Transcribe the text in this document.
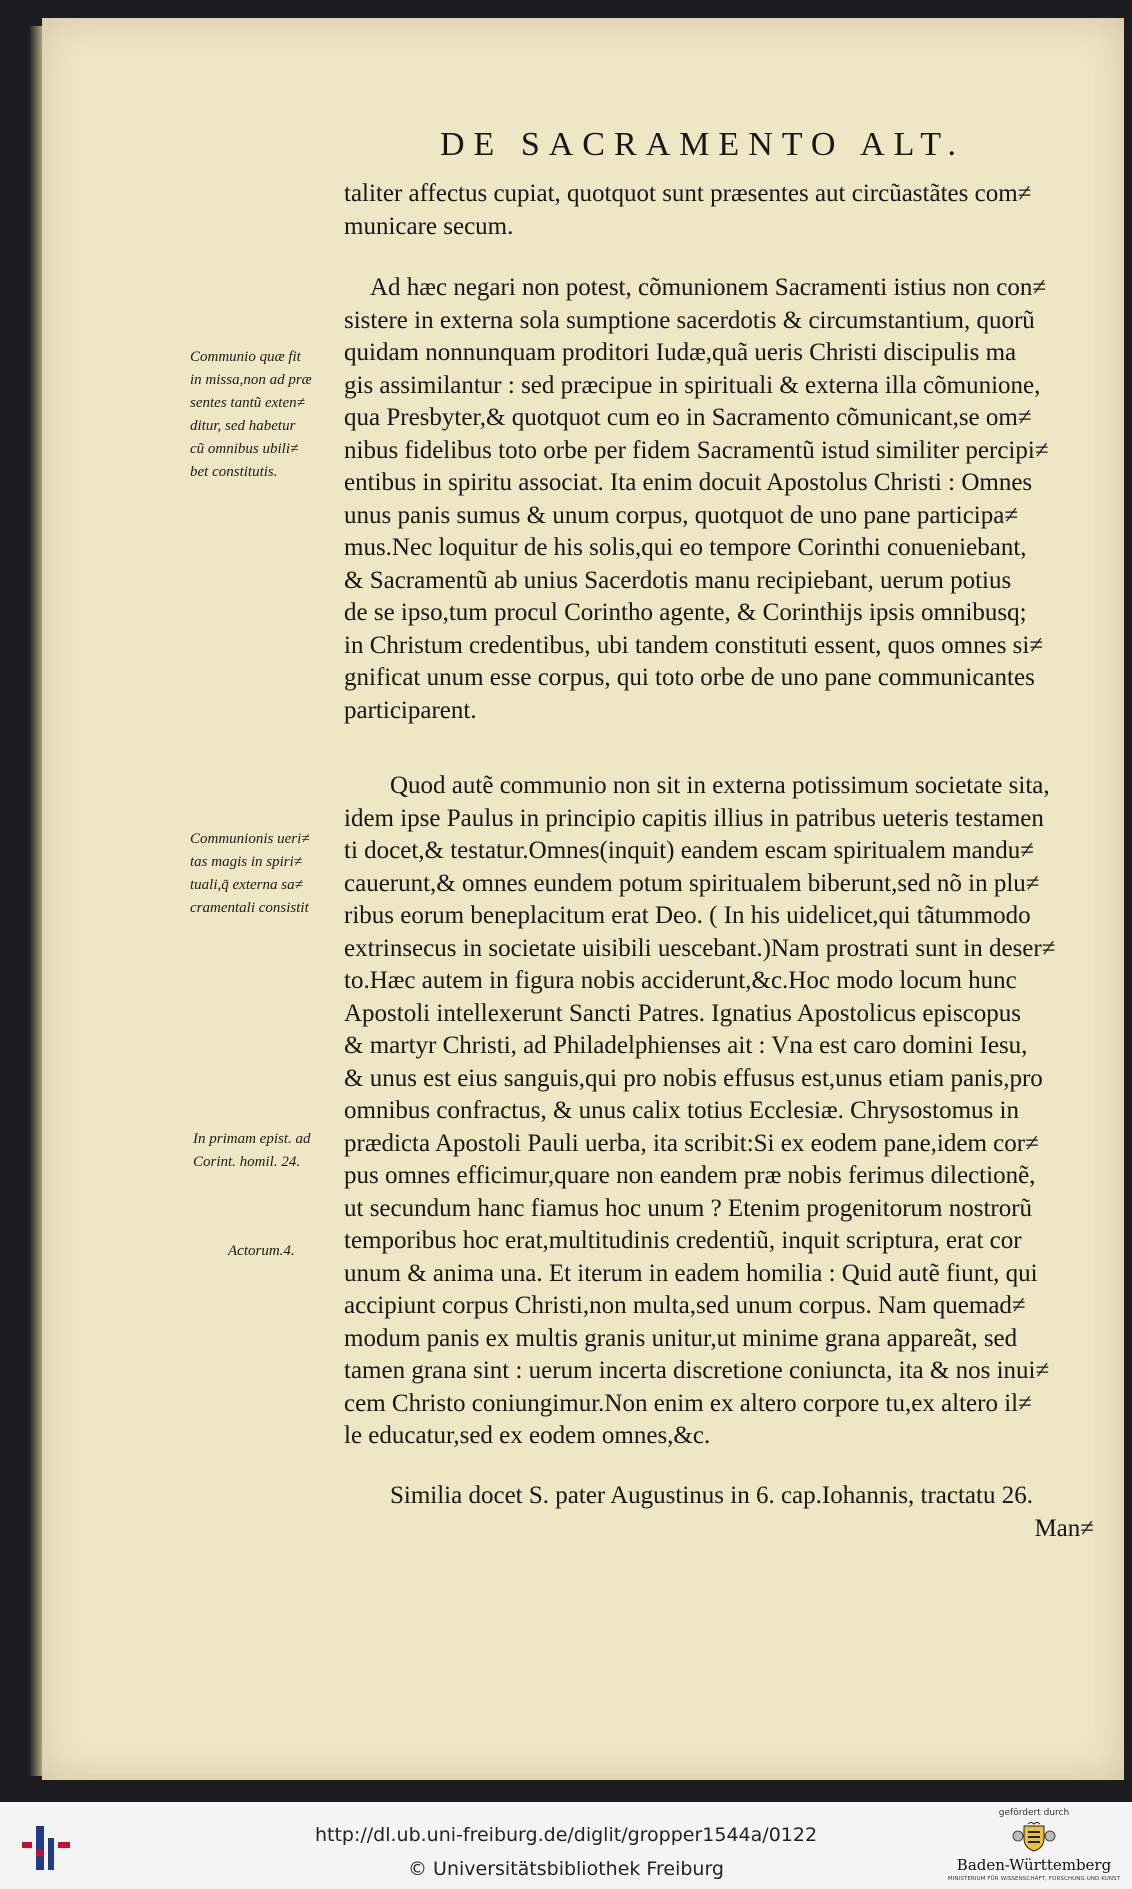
DE SACRAMENTO ALT.
taliter affectus cupiat, quotquot sunt præsentes aut circũastãtes com≠
municare secum.
Ad hæc negari non potest, cõmunionem Sacramenti istius non con≠
sistere in externa sola sumptione sacerdotis & circumstantium, quorũ
quidam nonnunquam proditori Iudæ,quã ueris Christi discipulis ma
gis assimilantur : sed præcipue in spirituali & externa illa cõmunione,
qua Presbyter,& quotquot cum eo in Sacramento cõmunicant,se om≠
nibus fidelibus toto orbe per fidem Sacramentũ istud similiter percipi≠
entibus in spiritu associat. Ita enim docuit Apostolus Christi : Omnes
unus panis sumus & unum corpus, quotquot de uno pane participa≠
mus.Nec loquitur de his solis,qui eo tempore Corinthi conueniebant,
& Sacramentũ ab unius Sacerdotis manu recipiebant, uerum potius
de se ipso,tum procul Corintho agente, & Corinthijs ipsis omnibusq;
in Christum credentibus, ubi tandem constituti essent, quos omnes si≠
gnificat unum esse corpus, qui toto orbe de uno pane communicantes
participarent.
Quod autẽ communio non sit in externa potissimum societate sita,
idem ipse Paulus in principio capitis illius in patribus ueteris testamen
ti docet,& testatur.Omnes(inquit) eandem escam spiritualem mandu≠
cauerunt,& omnes eundem potum spiritualem biberunt,sed nõ in plu≠
ribus eorum beneplacitum erat Deo. ( In his uidelicet,qui tãtummodo
extrinsecus in societate uisibili uescebant.)Nam prostrati sunt in deser≠
to.Hæc autem in figura nobis acciderunt,&c.Hoc modo locum hunc
Apostoli intellexerunt Sancti Patres. Ignatius Apostolicus episcopus
& martyr Christi, ad Philadelphienses ait : Vna est caro domini Iesu,
& unus est eius sanguis,qui pro nobis effusus est,unus etiam panis,pro
omnibus confractus, & unus calix totius Ecclesiæ. Chrysostomus in
prædicta Apostoli Pauli uerba, ita scribit:Si ex eodem pane,idem cor≠
pus omnes efficimur,quare non eandem præ nobis ferimus dilectionẽ,
ut secundum hanc fiamus hoc unum ? Etenim progenitorum nostrorũ
temporibus hoc erat,multitudinis credentiũ, inquit scriptura, erat cor
unum & anima una. Et iterum in eadem homilia : Quid autẽ fiunt, qui
accipiunt corpus Christi,non multa,sed unum corpus. Nam quemad≠
modum panis ex multis granis unitur,ut minime grana appareãt, sed
tamen grana sint : uerum incerta discretione coniuncta, ita & nos inui≠
cem Christo coniungimur.Non enim ex altero corpore tu,ex altero il≠
le educatur,sed ex eodem omnes,&c.
Similia docet S. pater Augustinus in 6. cap.Iohannis, tractatu 26.
Man≠
Communio quæ fit
in missa,non ad præ
sentes tantũ exten≠
ditur, sed habetur
cũ omnibus ubili≠
bet constitutis.
Communionis ueri≠
tas magis in spiri≠
tuali,q̃ externa sa≠
cramentali consistit
In primam epist. ad
Corint. homil. 24.
Actorum.4.
http://dl.ub.uni-freiburg.de/diglit/gropper1544a/0122
© Universitätsbibliothek Freiburg
gefördert durch
Baden-Württemberg
MINISTERIUM FÜR WISSENSCHAFT, FORSCHUNG UND KUNST
